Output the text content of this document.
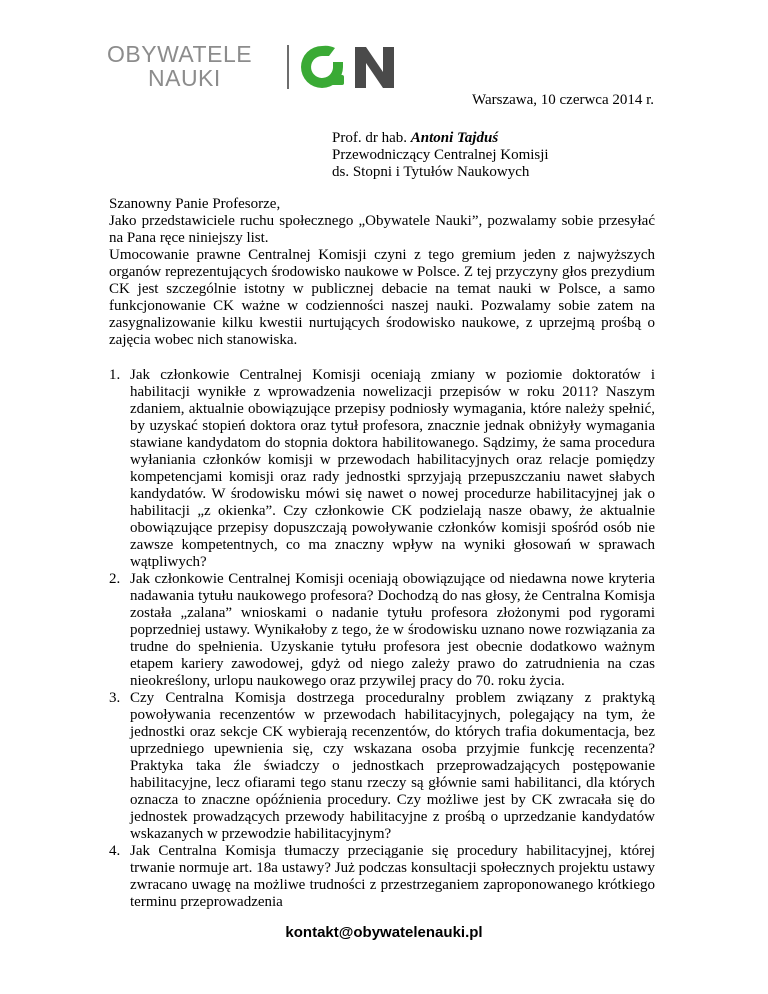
OBYWATELE
NAUKI
Warszawa, 10 czerwca 2014 r.
Prof. dr hab. Antoni Tajduś
Przewodniczący Centralnej Komisji
ds. Stopni i Tytułów Naukowych
Szanowny Panie Profesorze,
Jako przedstawiciele ruchu społecznego „Obywatele Nauki”, pozwalamy sobie przesyłać na Pana ręce niniejszy list.
Umocowanie prawne Centralnej Komisji czyni z tego gremium jeden z najwyższych organów reprezentujących środowisko naukowe w Polsce. Z tej przyczyny głos prezydium CK jest szczególnie istotny w publicznej debacie na temat nauki w Polsce, a samo funkcjonowanie CK ważne w codzienności naszej nauki. Pozwalamy sobie zatem na zasygnalizowanie kilku kwestii nurtujących środowisko naukowe, z uprzejmą prośbą o zajęcia wobec nich stanowiska.
1. Jak członkowie Centralnej Komisji oceniają zmiany w poziomie doktoratów i habilitacji wynikłe z wprowadzenia nowelizacji przepisów w roku 2011? Naszym zdaniem, aktualnie obowiązujące przepisy podniosły wymagania, które należy spełnić, by uzyskać stopień doktora oraz tytuł profesora, znacznie jednak obniżyły wymagania stawiane kandydatom do stopnia doktora habilitowanego. Sądzimy, że sama procedura wyłaniania członków komisji w przewodach habilitacyjnych oraz relacje pomiędzy kompetencjami komisji oraz rady jednostki sprzyjają przepuszczaniu nawet słabych kandydatów. W środowisku mówi się nawet o nowej procedurze habilitacyjnej jak o habilitacji „z okienka”. Czy członkowie CK podzielają nasze obawy, że aktualnie obowiązujące przepisy dopuszczają powoływanie członków komisji spośród osób nie zawsze kompetentnych, co ma znaczny wpływ na wyniki głosowań w sprawach wątpliwych?
2. Jak członkowie Centralnej Komisji oceniają obowiązujące od niedawna nowe kryteria nadawania tytułu naukowego profesora? Dochodzą do nas głosy, że Centralna Komisja została „zalana” wnioskami o nadanie tytułu profesora złożonymi pod rygorami poprzedniej ustawy. Wynikałoby z tego, że w środowisku uznano nowe rozwiązania za trudne do spełnienia. Uzyskanie tytułu profesora jest obecnie dodatkowo ważnym etapem kariery zawodowej, gdyż od niego zależy prawo do zatrudnienia na czas nieokreślony, urlopu naukowego oraz przywilej pracy do 70. roku życia.
3. Czy Centralna Komisja dostrzega proceduralny problem związany z praktyką powoływania recenzentów w przewodach habilitacyjnych, polegający na tym, że jednostki oraz sekcje CK wybierają recenzentów, do których trafia dokumentacja, bez uprzedniego upewnienia się, czy wskazana osoba przyjmie funkcję recenzenta? Praktyka taka źle świadczy o jednostkach przeprowadzających postępowanie habilitacyjne, lecz ofiarami tego stanu rzeczy są głównie sami habilitanci, dla których oznacza to znaczne opóźnienia procedury. Czy możliwe jest by CK zwracała się do jednostek prowadzących przewody habilitacyjne z prośbą o uprzedzanie kandydatów wskazanych w przewodzie habilitacyjnym?
4. Jak Centralna Komisja tłumaczy przeciąganie się procedury habilitacyjnej, której trwanie normuje art. 18a ustawy? Już podczas konsultacji społecznych projektu ustawy zwracano uwagę na możliwe trudności z przestrzeganiem zaproponowanego krótkiego terminu przeprowadzenia
kontakt@obywatelenauki.pl
